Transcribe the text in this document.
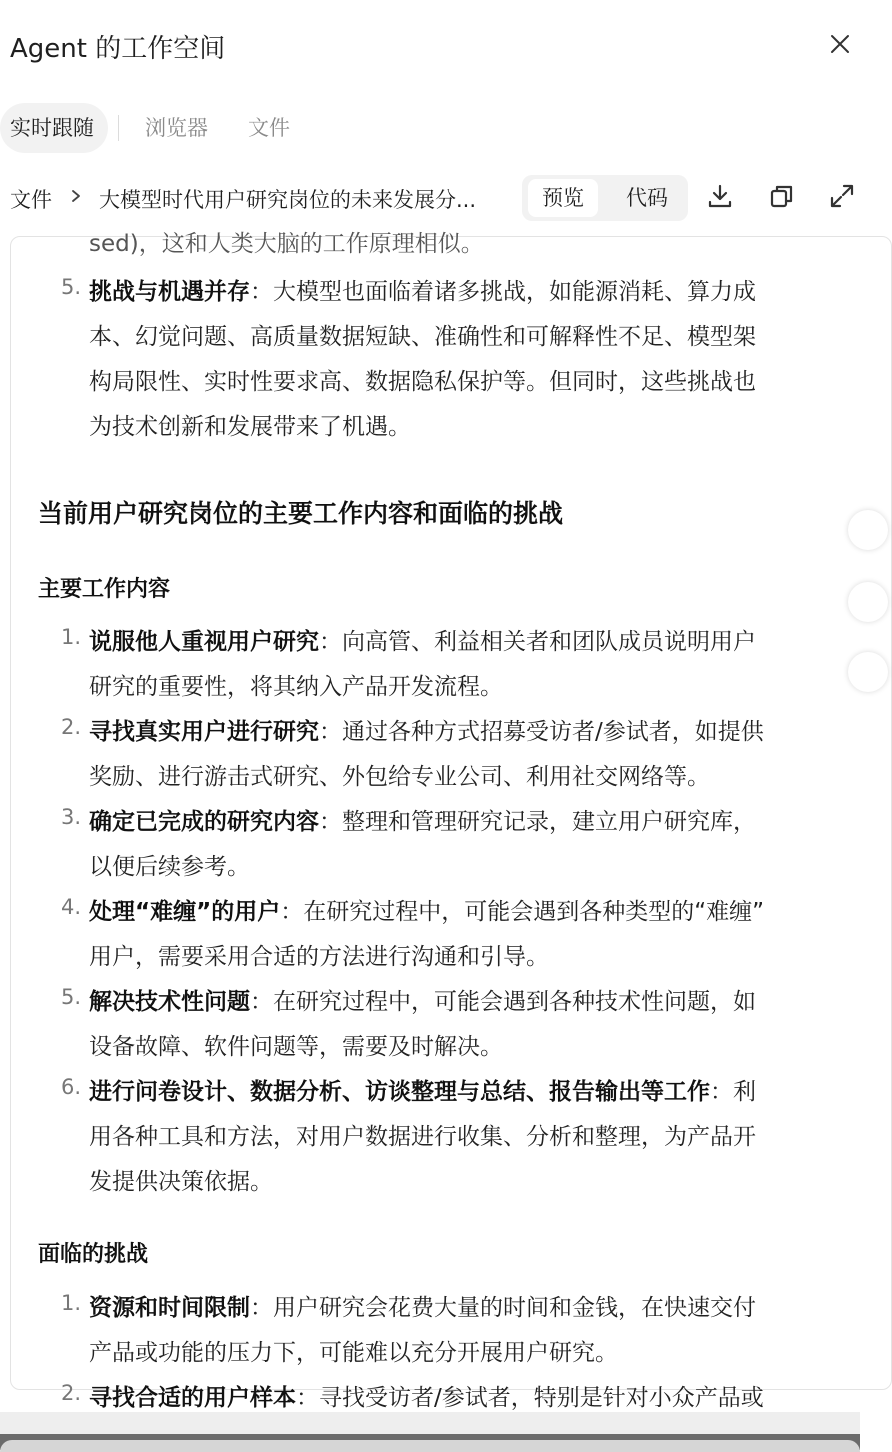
Agent 的工作空间
实时跟随	浏览器	文件
文件 大模型时代用户研究岗位的未来发展分...	预览	代码
sed)，这和人类大脑的工作原理相似。
5. 挑战与机遇并存：大模型也面临着诸多挑战，如能源消耗、算力成
本、幻觉问题、高质量数据短缺、准确性和可解释性不足、模型架
构局限性、实时性要求高、数据隐私保护等。但同时，这些挑战也
为技术创新和发展带来了机遇。
当前用户研究岗位的主要工作内容和面临的挑战
主要工作内容
1. 说服他人重视用户研究：向高管、利益相关者和团队成员说明用户
研究的重要性，将其纳入产品开发流程。
2. 寻找真实用户进行研究：通过各种方式招募受访者/参试者，如提供
奖励、进行游击式研究、外包给专业公司、利用社交网络等。
3. 确定已完成的研究内容：整理和管理研究记录，建立用户研究库，
以便后续参考。
4. 处理“难缠”的用户：在研究过程中，可能会遇到各种类型的“难缠”
用户，需要采用合适的方法进行沟通和引导。
5. 解决技术性问题：在研究过程中，可能会遇到各种技术性问题，如
设备故障、软件问题等，需要及时解决。
6. 进行问卷设计、数据分析、访谈整理与总结、报告输出等工作：利
用各种工具和方法，对用户数据进行收集、分析和整理，为产品开
发提供决策依据。
面临的挑战
1. 资源和时间限制：用户研究会花费大量的时间和金钱，在快速交付
产品或功能的压力下，可能难以充分开展用户研究。
2. 寻找合适的用户样本：寻找受访者/参试者，特别是针对小众产品或
